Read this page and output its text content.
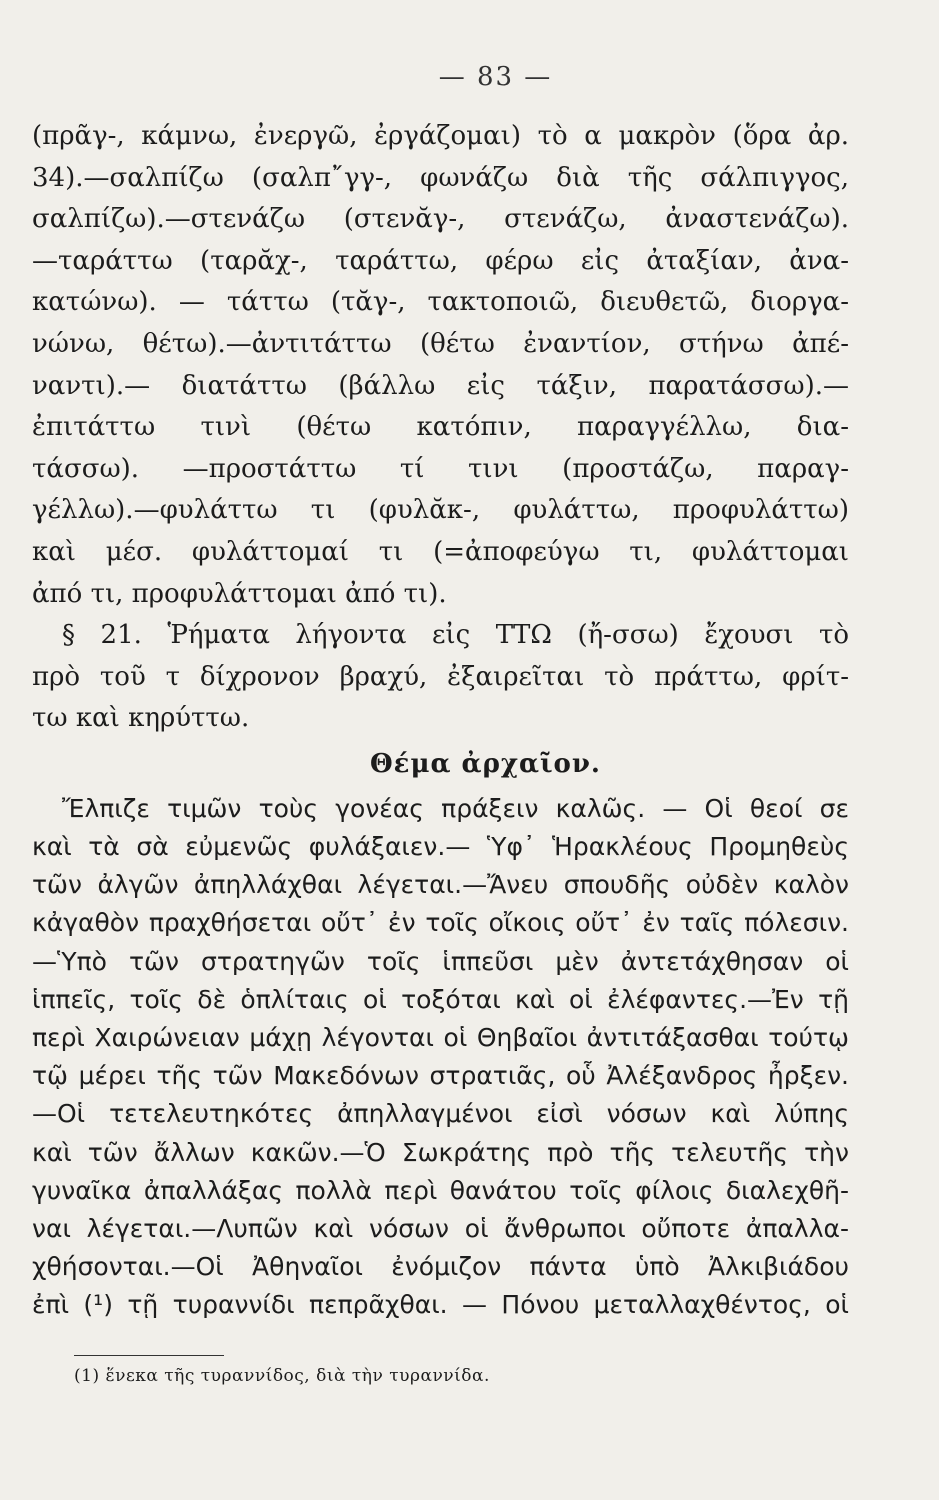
— 83 —
(πρᾶγ-, κάμνω, ἐνεργῶ, ἐργάζομαι) τὸ α μακρὸν (ὅρα ἀρ.
34).—σαλπίζω (σαλπ῎γγ-, φωνάζω διὰ τῆς σάλπιγγος,
σαλπίζω).—στενάζω (στενᾰγ-, στενάζω, ἀναστενάζω).
—ταράττω (ταρᾰχ-, ταράττω, φέρω εἰς ἀταξίαν, ἀνα-
κατώνω). — τάττω (τᾰγ-, τακτοποιῶ, διευθετῶ, διοργα-
νώνω, θέτω).—ἀντιτάττω (θέτω ἐναντίον, στήνω ἀπέ-
ναντι).— διατάττω (βάλλω εἰς τάξιν, παρατάσσω).—
ἐπιτάττω τινὶ (θέτω κατόπιν, παραγγέλλω, δια-
τάσσω). —προστάττω τί τινι (προστάζω, παραγ-
γέλλω).—φυλάττω τι (φυλᾰκ-, φυλάττω, προφυλάττω)
καὶ μέσ. φυλάττομαί τι (=ἀποφεύγω τι, φυλάττομαι
ἀπό τι, προφυλάττομαι ἀπό τι).
§ 21. Ῥήματα λήγοντα εἰς ΤΤΩ (ἤ-σσω) ἔχουσι τὸ
πρὸ τοῦ τ δίχρονον βραχύ, ἐξαιρεῖται τὸ πράττω, φρίτ-
τω καὶ κηρύττω.
Θέμα ἀρχαῖον.
Ἔλπιζε τιμῶν τοὺς γονέας πράξειν καλῶς. — Οἱ θεοί σε
καὶ τὰ σὰ εὐμενῶς φυλάξαιεν.— Ὑφ᾽ Ἡρακλέους Προμηθεὺς
τῶν ἀλγῶν ἀπηλλάχθαι λέγεται.—Ἄνευ σπουδῆς οὐδὲν καλὸν
κἀγαθὸν πραχθήσεται οὔτ᾽ ἐν τοῖς οἴκοις οὔτ᾽ ἐν ταῖς πόλεσιν.
—Ὑπὸ τῶν στρατηγῶν τοῖς ἱππεῦσι μὲν ἀντετάχθησαν οἱ
ἱππεῖς, τοῖς δὲ ὁπλίταις οἱ τοξόται καὶ οἱ ἐλέφαντες.—Ἐν τῇ
περὶ Χαιρώνειαν μάχῃ λέγονται οἱ Θηβαῖοι ἀντιτάξασθαι τούτῳ
τῷ μέρει τῆς τῶν Μακεδόνων στρατιᾶς, οὗ Ἀλέξανδρος ἦρξεν.
—Οἱ τετελευτηκότες ἀπηλλαγμένοι εἰσὶ νόσων καὶ λύπης
καὶ τῶν ἄλλων κακῶν.—Ὁ Σωκράτης πρὸ τῆς τελευτῆς τὴν
γυναῖκα ἀπαλλάξας πολλὰ περὶ θανάτου τοῖς φίλοις διαλεχθῆ-
ναι λέγεται.—Λυπῶν καὶ νόσων οἱ ἄνθρωποι οὔποτε ἀπαλλα-
χθήσονται.—Οἱ Ἀθηναῖοι ἐνόμιζον πάντα ὑπὸ Ἀλκιβιάδου
ἐπὶ (¹) τῇ τυραννίδι πεπρᾶχθαι. — Πόνου μεταλλαχθέντος, οἱ
(1) ἕνεκα τῆς τυραννίδος, διὰ τὴν τυραννίδα.
